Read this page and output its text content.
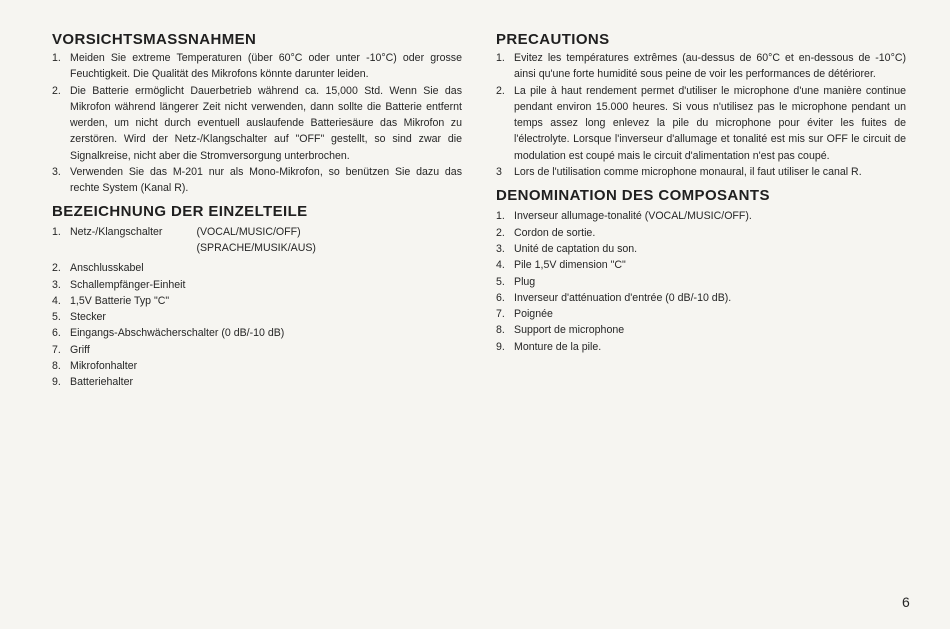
VORSICHTSMASSNAHMEN
1. Meiden Sie extreme Temperaturen (über 60°C oder unter -10°C) oder grosse Feuchtigkeit. Die Qualität des Mikrofons könnte darunter leiden.
2. Die Batterie ermöglicht Dauerbetrieb während ca. 15,000 Std. Wenn Sie das Mikrofon während längerer Zeit nicht verwenden, dann sollte die Batterie entfernt werden, um nicht durch eventuell auslaufende Batteriesäure das Mikrofon zu zerstören. Wird der Netz-/Klangschalter auf "OFF" gestellt, so sind zwar die Signalkreise, nicht aber die Stromversorgung unterbrochen.
3. Verwenden Sie das M-201 nur als Mono-Mikrofon, so benützen Sie dazu das rechte System (Kanal R).
BEZEICHNUNG DER EINZELTEILE
1. Netz-/Klangschalter	(VOCAL/MUSIC/OFF)
(SPRACHE/MUSIK/AUS)
2. Anschlusskabel
3. Schallempfänger-Einheit
4. 1,5V Batterie Typ "C"
5. Stecker
6. Eingangs-Abschwächerschalter (0 dB/-10 dB)
7. Griff
8. Mikrofonhalter
9. Batteriehalter
PRECAUTIONS
1. Evitez les températures extrêmes (au-dessus de 60°C et en-dessous de -10°C) ainsi qu'une forte humidité sous peine de voir les performances de détériorer.
2. La pile à haut rendement permet d'utiliser le microphone d'une manière continue pendant environ 15.000 heures. Si vous n'utilisez pas le microphone pendant un temps assez long enlevez la pile du microphone pour éviter les fuites de l'électrolyte. Lorsque l'inverseur d'allumage et tonalité est mis sur OFF le circuit de modulation est coupé mais le circuit d'alimentation n'est pas coupé.
3	Lors de l'utilisation comme microphone monaural, il faut utiliser le canal R.
DENOMINATION DES COMPOSANTS
1. Inverseur allumage-tonalité (VOCAL/MUSIC/OFF).
2. Cordon de sortie.
3. Unité de captation du son.
4. Pile 1,5V dimension "C"
5. Plug
6. Inverseur d'atténuation d'entrée (0 dB/-10 dB).
7. Poignée
8. Support de microphone
9. Monture de la pile.
6
